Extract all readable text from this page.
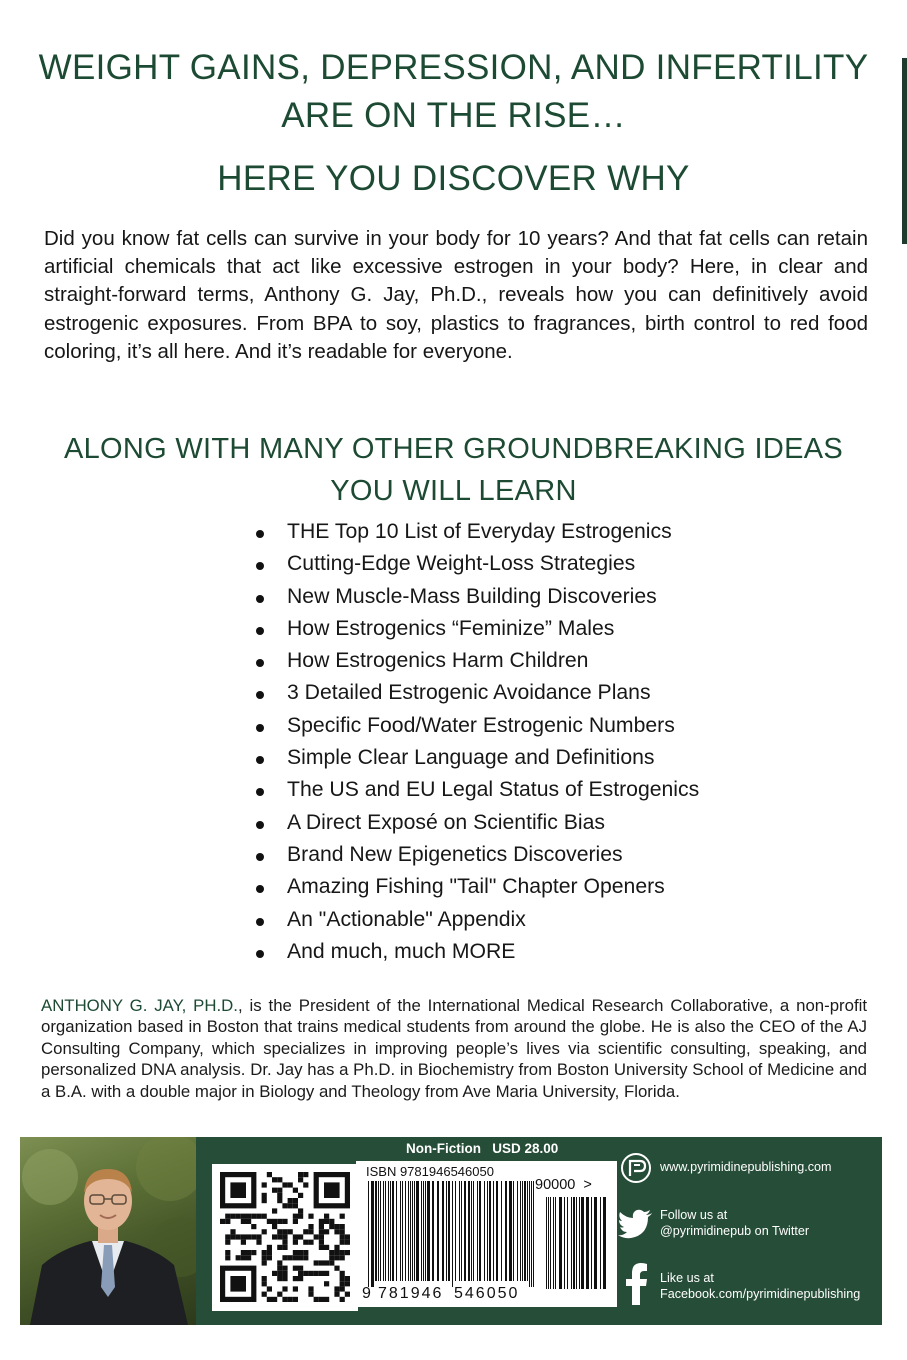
WEIGHT GAINS, DEPRESSION, AND INFERTILITY
ARE ON THE RISE…
HERE YOU DISCOVER WHY

Did you know fat cells can survive in your body for 10 years? And that fat cells can retain artificial chemicals that act like excessive estrogen in your body? Here, in clear and straight-forward terms, Anthony G. Jay, Ph.D., reveals how you can definitively avoid estrogenic exposures. From BPA to soy, plastics to fragrances, birth control to red food coloring, it’s all here. And it’s readable for everyone.

ALONG WITH MANY OTHER GROUNDBREAKING IDEAS
YOU WILL LEARN
THE Top 10 List of Everyday Estrogenics
Cutting-Edge Weight-Loss Strategies
New Muscle-Mass Building Discoveries
How Estrogenics “Feminize” Males
How Estrogenics Harm Children
3 Detailed Estrogenic Avoidance Plans
Specific Food/Water Estrogenic Numbers
Simple Clear Language and Definitions
The US and EU Legal Status of Estrogenics
A Direct Exposé on Scientific Bias
Brand New Epigenetics Discoveries
Amazing Fishing "Tail" Chapter Openers
An "Actionable" Appendix
And much, much MORE

ANTHONY G. JAY, PH.D., is the President of the International Medical Research Collaborative, a non-profit organization based in Boston that trains medical students from around the globe. He is also the CEO of the AJ Consulting Company, which specializes in improving people’s lives via scientific consulting, speaking, and personalized DNA analysis. Dr. Jay has a Ph.D. in Biochemistry from Boston University School of Medicine and a B.A. with a double major in Biology and Theology from Ave Maria University, Florida.

Non-Fiction USD 28.00
ISBN 9781946546050
90000 >
9 781946 546050
www.pyrimidinepublishing.com
Follow us at
@pyrimidinepub on Twitter
Like us at
Facebook.com/pyrimidinepublishing
